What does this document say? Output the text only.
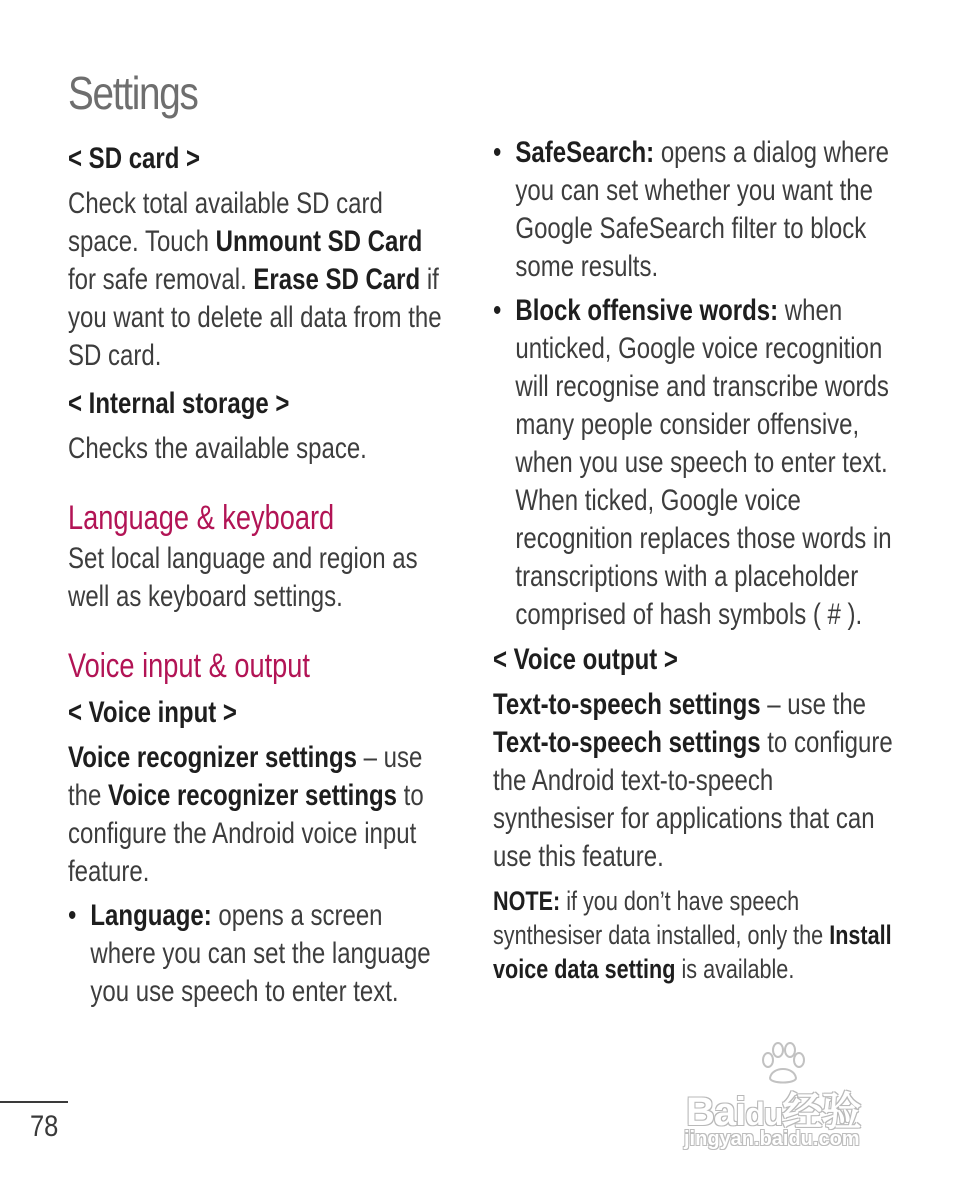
Settings

< SD card >

Check total available SD card space. Touch Unmount SD Card for safe removal. Erase SD Card if you want to delete all data from the SD card.

< Internal storage >

Checks the available space.

Language & keyboard

Set local language and region as well as keyboard settings.

Voice input & output

< Voice input >

Voice recognizer settings – use the Voice recognizer settings to configure the Android voice input feature.

• Language: opens a screen where you can set the language you use speech to enter text.

• SafeSearch: opens a dialog where you can set whether you want the Google SafeSearch filter to block some results.

• Block offensive words: when unticked, Google voice recognition will recognise and transcribe words many people consider offensive, when you use speech to enter text. When ticked, Google voice recognition replaces those words in transcriptions with a placeholder comprised of hash symbols ( # ).

< Voice output >

Text-to-speech settings – use the Text-to-speech settings to configure the Android text-to-speech synthesiser for applications that can use this feature.

NOTE: if you don’t have speech synthesiser data installed, only the Install voice data setting is available.

78	Baidu经验
jingyan.baidu.com
